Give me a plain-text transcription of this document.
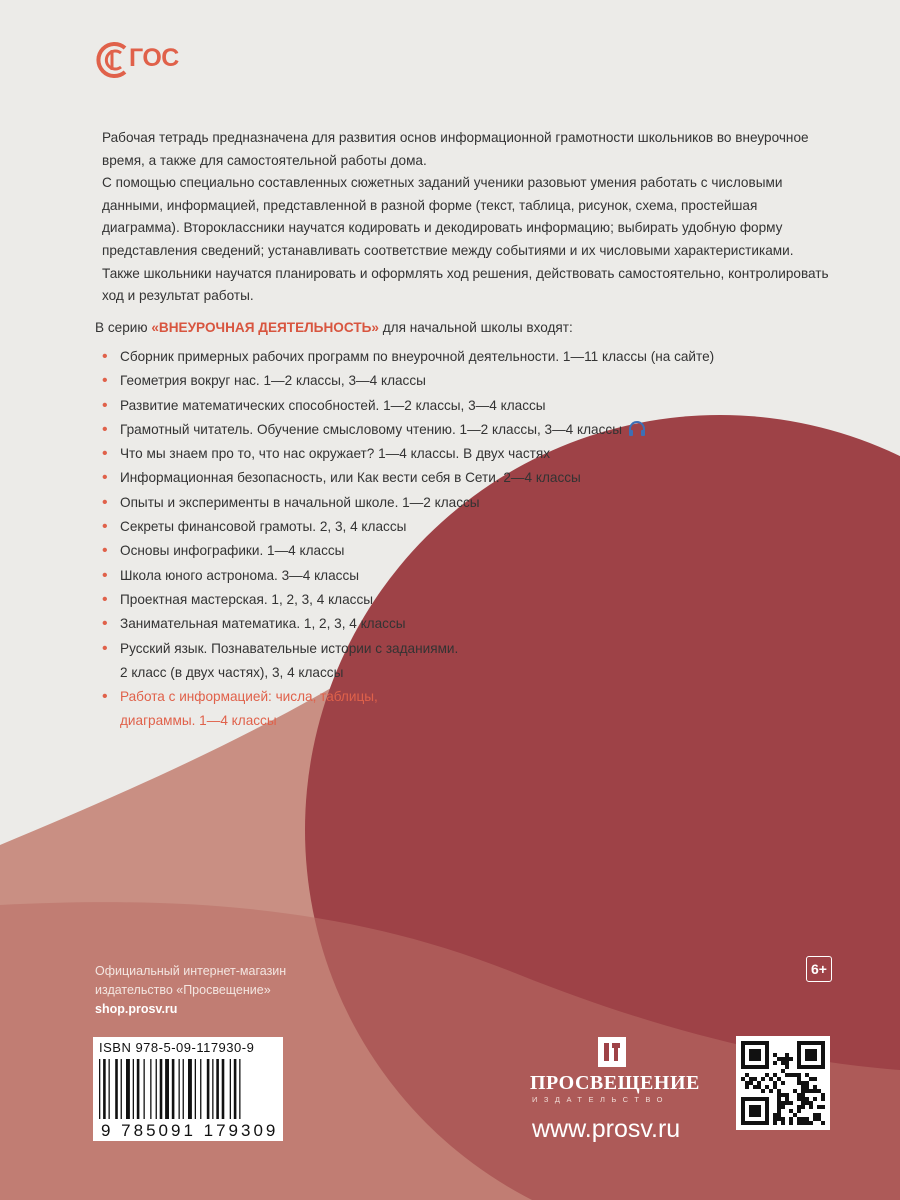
ГОС

Рабочая тетрадь предназначена для развития основ информационной грамотности школьников во внеурочное время, а также для самостоятельной работы дома.

С помощью специально составленных сюжетных заданий ученики разовьют умения работать с числовыми данными, информацией, представленной в разной форме (текст, таблица, рисунок, схема, простейшая диаграмма). Второклассники научатся кодировать и декодировать информацию; выбирать удобную форму представления сведений; устанавливать соответствие между событиями и их числовыми характеристиками. Также школьники научатся планировать и оформлять ход решения, действовать самостоятельно, контролировать ход и результат работы.

В серию «ВНЕУРОЧНАЯ ДЕЯТЕЛЬНОСТЬ» для начальной школы входят:
• Сборник примерных рабочих программ по внеурочной деятельности. 1—11 классы (на сайте)
• Геометрия вокруг нас. 1—2 классы, 3—4 классы
• Развитие математических способностей. 1—2 классы, 3—4 классы
• Грамотный читатель. Обучение смысловому чтению. 1—2 классы, 3—4 классы
• Что мы знаем про то, что нас окружает? 1—4 классы. В двух частях
• Информационная безопасность, или Как вести себя в Сети. 2—4 классы
• Опыты и эксперименты в начальной школе. 1—2 классы
• Секреты финансовой грамоты. 2, 3, 4 классы
• Основы инфографики. 1—4 классы
• Школа юного астронома. 3—4 классы
• Проектная мастерская. 1, 2, 3, 4 классы
• Занимательная математика. 1, 2, 3, 4 классы
• Русский язык. Познавательные истории с заданиями.
2 класс (в двух частях), 3, 4 классы
• Работа с информацией: числа, таблицы,
диаграммы. 1—4 классы
Официальный интернет-магазин
издательство «Просвещение»
shop.prosv.ru
6+
ISBN 978-5-09-117930-9
9 785091 179309
ПРОСВЕЩЕНИЕ
ИЗДАТЕЛЬСТВО
www.prosv.ru
